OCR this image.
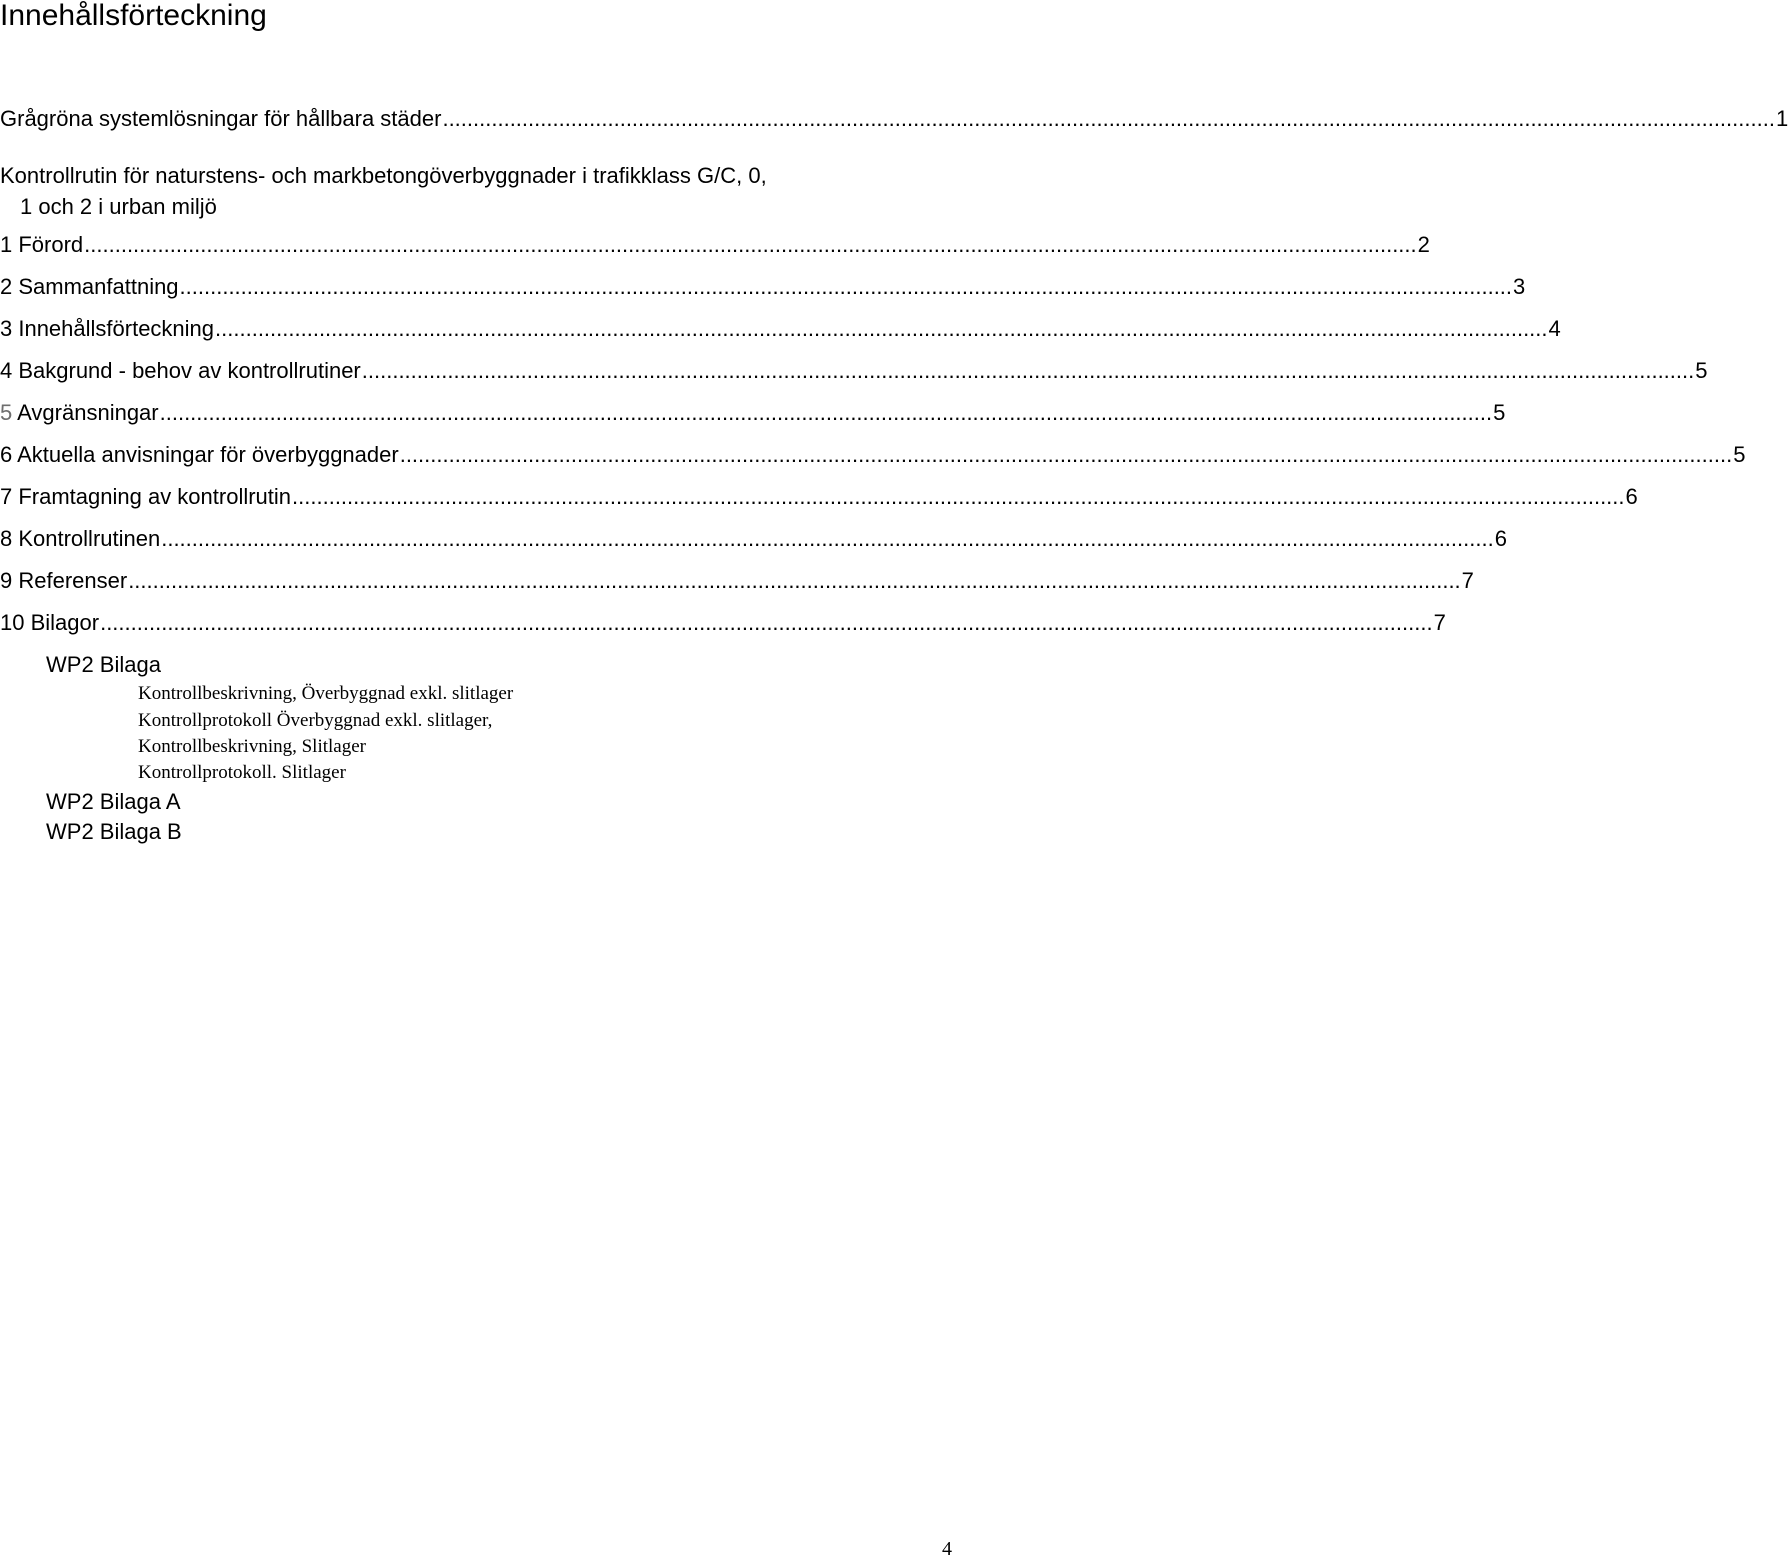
Innehållsförteckning
Grågröna systemlösningar för hållbara städer .......................................................................................................................................................................................................................... 1
Kontrollrutin för naturstens- och markbetongöverbyggnader i trafikklass G/C, 0,
1 och 2 i urban miljö
1 Förord .......................................................................................................................................................................................................................... 2
2 Sammanfattning .......................................................................................................................................................................................................................... 3
3 Innehållsförteckning .......................................................................................................................................................................................................................... 4
4 Bakgrund - behov av kontrollrutiner .......................................................................................................................................................................................................................... 5
5 Avgränsningar .......................................................................................................................................................................................................................... 5
6 Aktuella anvisningar för överbyggnader .......................................................................................................................................................................................................................... 5
7 Framtagning av kontrollrutin .......................................................................................................................................................................................................................... 6
8 Kontrollrutinen .......................................................................................................................................................................................................................... 6
9 Referenser .......................................................................................................................................................................................................................... 7
10 Bilagor .......................................................................................................................................................................................................................... 7
WP2 Bilaga
Kontrollbeskrivning, Överbyggnad exkl. slitlager
Kontrollprotokoll Överbyggnad exkl. slitlager,
Kontrollbeskrivning, Slitlager
Kontrollprotokoll. Slitlager
WP2 Bilaga A
WP2 Bilaga B
4
